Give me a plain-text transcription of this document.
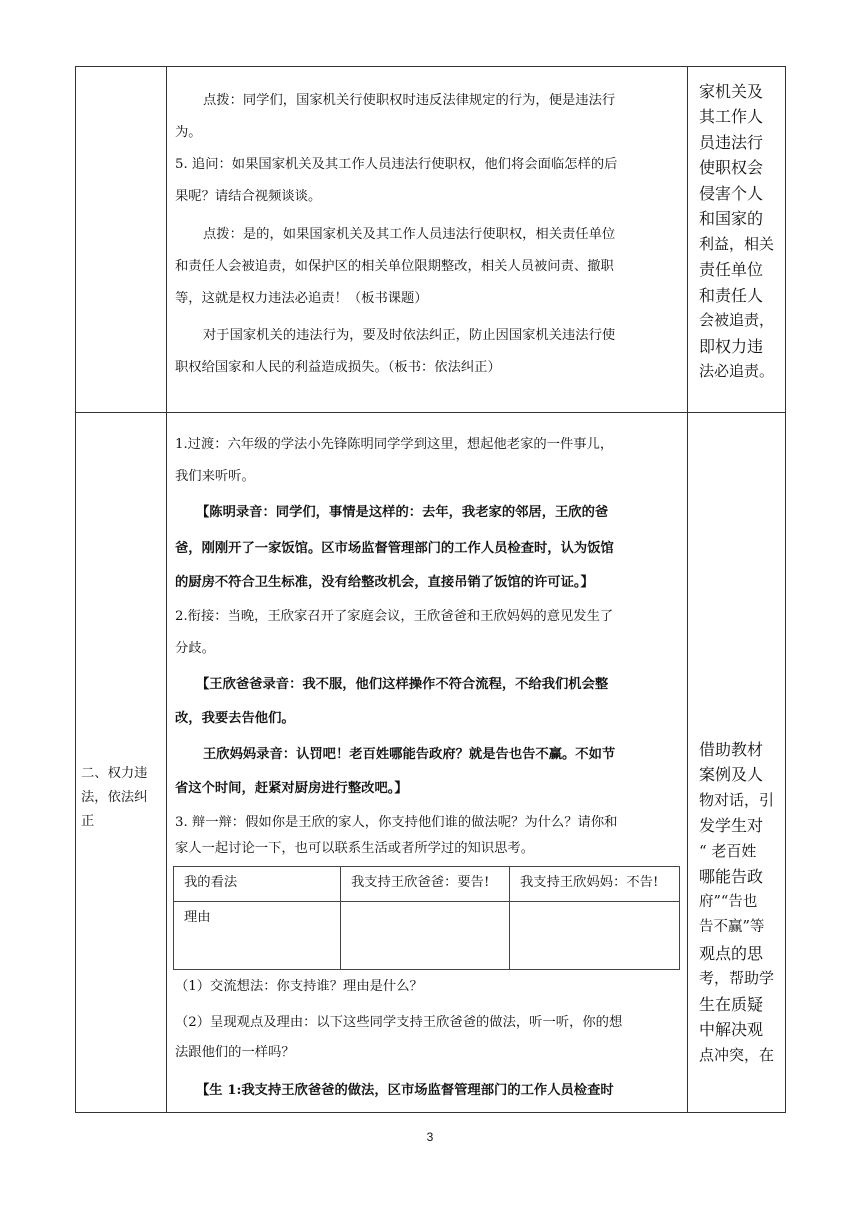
点拨：同学们，国家机关行使职权时违反法律规定的行为，便是违法行

为。

5. 追问：如果国家机关及其工作人员违法行使职权，他们将会面临怎样的后

果呢？请结合视频谈谈。

点拨：是的，如果国家机关及其工作人员违法行使职权，相关责任单位

和责任人会被追责，如保护区的相关单位限期整改，相关人员被问责、撤职

等，这就是权力违法必追责！（板书课题）

对于国家机关的违法行为，要及时依法纠正，防止因国家机关违法行使

职权给国家和人民的利益造成损失。（板书：依法纠正）

家机关及
其工作人
员违法行
使职权会
侵害个人
和国家的
利益，相关
责任单位
和责任人
会被追责，
即权力违
法必追责。
二、权力违
法，依法纠
正

1.过渡：六年级的学法小先锋陈明同学学到这里，想起他老家的一件事儿，

我们来听听。

【陈明录音：同学们，事情是这样的：去年，我老家的邻居，王欣的爸

爸，刚刚开了一家饭馆。区市场监督管理部门的工作人员检查时，认为饭馆

的厨房不符合卫生标准，没有给整改机会，直接吊销了饭馆的许可证。】

2.衔接：当晚，王欣家召开了家庭会议，王欣爸爸和王欣妈妈的意见发生了

分歧。

【王欣爸爸录音：我不服，他们这样操作不符合流程，不给我们机会整

改，我要去告他们。

王欣妈妈录音：认罚吧！老百姓哪能告政府？就是告也告不赢。不如节

省这个时间，赶紧对厨房进行整改吧。】

3. 辩一辩：假如你是王欣的家人，你支持他们谁的做法呢？为什么？请你和

家人一起讨论一下，也可以联系生活或者所学过的知识思考。

我的看法	我支持王欣爸爸：要告!	我支持王欣妈妈：不告!
理由

（1）交流想法：你支持谁？理由是什么？

（2）呈现观点及理由：以下这些同学支持王欣爸爸的做法，听一听，你的想

法跟他们的一样吗？

【生 1:我支持王欣爸爸的做法，区市场监督管理部门的工作人员检查时

借助教材
案例及人
物对话，引
发学生对
“ 老百姓
哪能告政
府”“告也
告不赢”等
观点的思
考，帮助学
生在质疑
中解决观
点冲突，在
3
